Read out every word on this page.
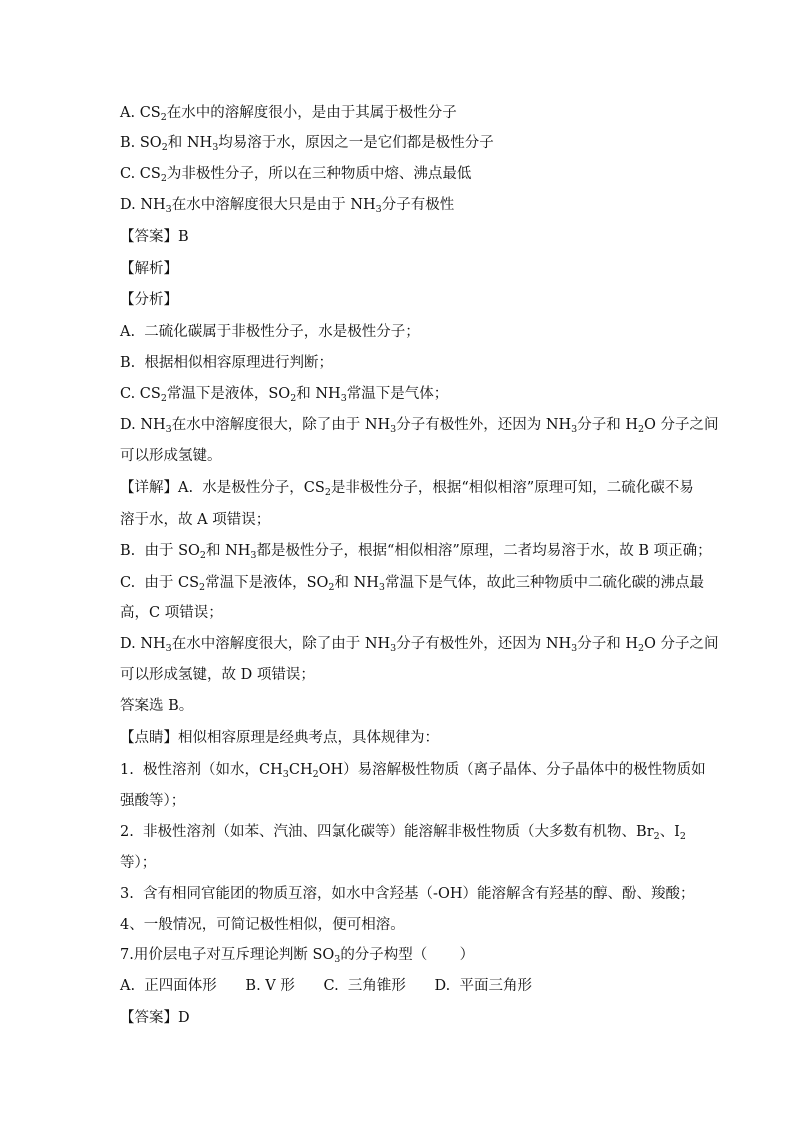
A. $CS_2$在水中的溶解度很小，是由于其属于极性分子
B. $SO_2$和 $NH_3$均易溶于水，原因之一是它们都是极性分子
C. $CS_2$为非极性分子，所以在三种物质中熔、沸点最低
D. $NH_3$在水中溶解度很大只是由于 $NH_3$分子有极性
【答案】B
【解析】
【分析】
A.  二硫化碳属于非极性分子，水是极性分子；
B.  根据相似相容原理进行判断；
C. $CS_2$常温下是液体，$SO_2$和 $NH_3$常温下是气体；
D. $NH_3$在水中溶解度很大，除了由于 $NH_3$分子有极性外，还因为 $NH_3$分子和 $H_2O$ 分子之间
可以形成氢键。
【详解】A.  水是极性分子，$CS_2$是非极性分子，根据“相似相溶”原理可知，二硫化碳不易
溶于水，故 A 项错误；
B.  由于 $SO_2$和 $NH_3$都是极性分子，根据“相似相溶”原理，二者均易溶于水，故 B 项正确；
C.  由于 $CS_2$常温下是液体，$SO_2$和 $NH_3$常温下是气体，故此三种物质中二硫化碳的沸点最
高，C 项错误；
D. $NH_3$在水中溶解度很大，除了由于 $NH_3$分子有极性外，还因为 $NH_3$分子和 $H_2O$ 分子之间
可以形成氢键，故 D 项错误；
答案选 B。
【点睛】相似相容原理是经典考点，具体规律为：
1.  极性溶剂（如水，$CH_3CH_2OH$）易溶解极性物质（离子晶体、分子晶体中的极性物质如
强酸等）；
2.  非极性溶剂（如苯、汽油、四氯化碳等）能溶解非极性物质（大多数有机物、$Br_2$、$I_2$
等）；
3.  含有相同官能团的物质互溶，如水中含羟基（-OH）能溶解含有羟基的醇、酚、羧酸；
4、一般情况，可简记极性相似，便可相溶。
7.用价层电子对互斥理论判断 $SO_3$的分子构型（       ）
A.  正四面体形 B. V 形 C.  三角锥形 D.  平面三角形
【答案】D
